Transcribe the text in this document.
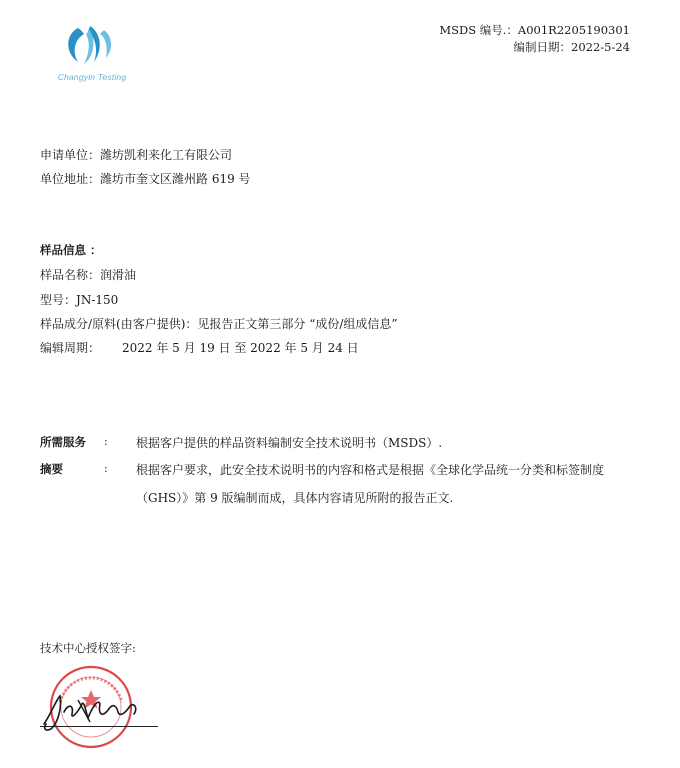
Changyin Testing
MSDS 编号.：A001R2205190301
编制日期：2022-5-24
申请单位：潍坊凯利来化工有限公司
单位地址：潍坊市奎文区潍州路 619 号
样品信息 ：
样品名称：润滑油
型号：JN-150
样品成分/原料(由客户提供)：见报告正文第三部分 “成份/组成信息”
编辑周期： 2022 年 5 月 19 日 至 2022 年 5 月 24 日
所需服务 : 根据客户提供的样品资料编制安全技术说明书（MSDS）.
摘要	: 根据客户要求，此安全技术说明书的内容和格式是根据《全球化学品统一分类和标签制度
（GHS）》第 9 版编制而成，具体内容请见所附的报告正文.
技术中心授权签字:
